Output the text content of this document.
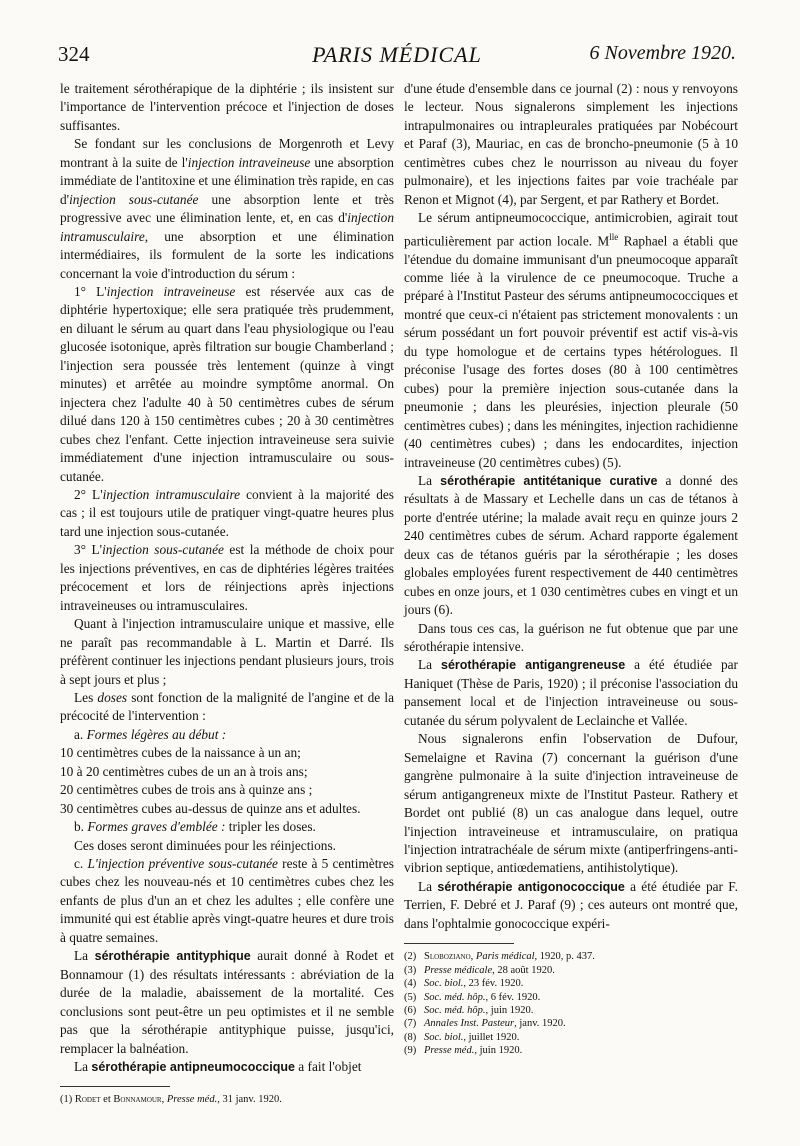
324	PARIS MÉDICAL	6 Novembre 1920.

le traitement sérothérapique de la diphtérie ; ils insistent sur l'importance de l'intervention précoce et l'injection de doses suffisantes.

Se fondant sur les conclusions de Morgenroth et Levy montrant à la suite de l'injection intraveineuse une absorption immédiate de l'antitoxine et une élimination très rapide, en cas d'injection sous-cutanée une absorption lente et très progressive avec une élimination lente, et, en cas d'injection intramusculaire, une absorption et une élimination intermédiaires, ils formulent de la sorte les indications concernant la voie d'introduction du sérum :

1° L'injection intraveineuse est réservée aux cas de diphtérie hypertoxique; elle sera pratiquée très prudemment, en diluant le sérum au quart dans l'eau physiologique ou l'eau glucosée isotonique, après filtration sur bougie Chamberland ; l'injection sera poussée très lentement (quinze à vingt minutes) et arrêtée au moindre symptôme anormal. On injectera chez l'adulte 40 à 50 centimètres cubes de sérum dilué dans 120 à 150 centimètres cubes ; 20 à 30 centimètres cubes chez l'enfant. Cette injection intraveineuse sera suivie immédiatement d'une injection intramusculaire ou sous-cutanée.

2° L'injection intramusculaire convient à la majorité des cas ; il est toujours utile de pratiquer vingt-quatre heures plus tard une injection sous-cutanée.

3° L'injection sous-cutanée est la méthode de choix pour les injections préventives, en cas de diphtéries légères traitées précocement et lors de réinjections après injections intraveineuses ou intramusculaires.

Quant à l'injection intramusculaire unique et massive, elle ne paraît pas recommandable à L. Martin et Darré. Ils préfèrent continuer les injections pendant plusieurs jours, trois à sept jours et plus ;

Les doses sont fonction de la malignité de l'angine et de la précocité de l'intervention :

a. Formes légères au début :

10 centimètres cubes de la naissance à un an;

10 à 20 centimètres cubes de un an à trois ans;

20 centimètres cubes de trois ans à quinze ans ;

30 centimètres cubes au-dessus de quinze ans et adultes.

b. Formes graves d'emblée : tripler les doses.

Ces doses seront diminuées pour les réinjections.

c. L'injection préventive sous-cutanée reste à 5 centimètres cubes chez les nouveau-nés et 10 centimètres cubes chez les enfants de plus d'un an et chez les adultes ; elle confère une immunité qui est établie après vingt-quatre heures et dure trois à quatre semaines.

La sérothérapie antityphique aurait donné à Rodet et Bonnamour (1) des résultats intéressants : abréviation de la durée de la maladie, abaissement de la mortalité. Ces conclusions sont peut-être un peu optimistes et il ne semble pas que la sérothérapie antityphique puisse, jusqu'ici, remplacer la balnéation.

La sérothérapie antipneumococcique a fait l'objet

(1) Rodet et Bonnamour, Presse méd., 31 janv. 1920.

d'une étude d'ensemble dans ce journal (2) : nous y renvoyons le lecteur. Nous signalerons simplement les injections intrapulmonaires ou intrapleurales pratiquées par Nobécourt et Paraf (3), Mauriac, en cas de broncho-pneumonie (5 à 10 centimètres cubes chez le nourrisson au niveau du foyer pulmonaire), et les injections faites par voie trachéale par Renon et Mignot (4), par Sergent, et par Rathery et Bordet.

Le sérum antipneumococcique, antimicrobien, agirait tout particulièrement par action locale. $M^{lle}$ Raphael a établi que l'étendue du domaine immunisant d'un pneumocoque apparaît comme liée à la virulence de ce pneumocoque. Truche a préparé à l'Institut Pasteur des sérums antipneumococciques et montré que ceux-ci n'étaient pas strictement monovalents : un sérum possédant un fort pouvoir préventif est actif vis-à-vis du type homologue et de certains types hétérologues. Il préconise l'usage des fortes doses (80 à 100 centimètres cubes) pour la première injection sous-cutanée dans la pneumonie ; dans les pleurésies, injection pleurale (50 centimètres cubes) ; dans les méningites, injection rachidienne (40 centimètres cubes) ; dans les endocardites, injection intraveineuse (20 centimètres cubes) (5).

La sérothérapie antitétanique curative a donné des résultats à de Massary et Lechelle dans un cas de tétanos à porte d'entrée utérine; la malade avait reçu en quinze jours 2 240 centimètres cubes de sérum. Achard rapporte également deux cas de tétanos guéris par la sérothérapie ; les doses globales employées furent respectivement de 440 centimètres cubes en onze jours, et 1 030 centimètres cubes en vingt et un jours (6).

Dans tous ces cas, la guérison ne fut obtenue que par une sérothérapie intensive.

La sérothérapie antigangreneuse a été étudiée par Haniquet (Thèse de Paris, 1920) ; il préconise l'association du pansement local et de l'injection intraveineuse ou sous-cutanée du sérum polyvalent de Leclainche et Vallée.

Nous signalerons enfin l'observation de Dufour, Semelaigne et Ravina (7) concernant la guérison d'une gangrène pulmonaire à la suite d'injection intraveineuse de sérum antigangreneux mixte de l'Institut Pasteur. Rathery et Bordet ont publié (8) un cas analogue dans lequel, outre l'injection intraveineuse et intramusculaire, on pratiqua l'injection intratrachéale de sérum mixte (antiperfringens-anti-vibrion septique, antiœdematiens, antihistolytique).

La sérothérapie antigonococcique a été étudiée par F. Terrien, F. Debré et J. Paraf (9) ; ces auteurs ont montré que, dans l'ophtalmie gonococcique expéri-

(2) Sloboziano, Paris médical, 1920, p. 437.

(3) Presse médicale, 28 août 1920.

(4) Soc. biol., 23 fév. 1920.

(5) Soc. méd. hôp., 6 fév. 1920.

(6) Soc. méd. hôp., juin 1920.

(7) Annales Inst. Pasteur, janv. 1920.

(8) Soc. biol., juillet 1920.

(9) Presse méd., juin 1920.
